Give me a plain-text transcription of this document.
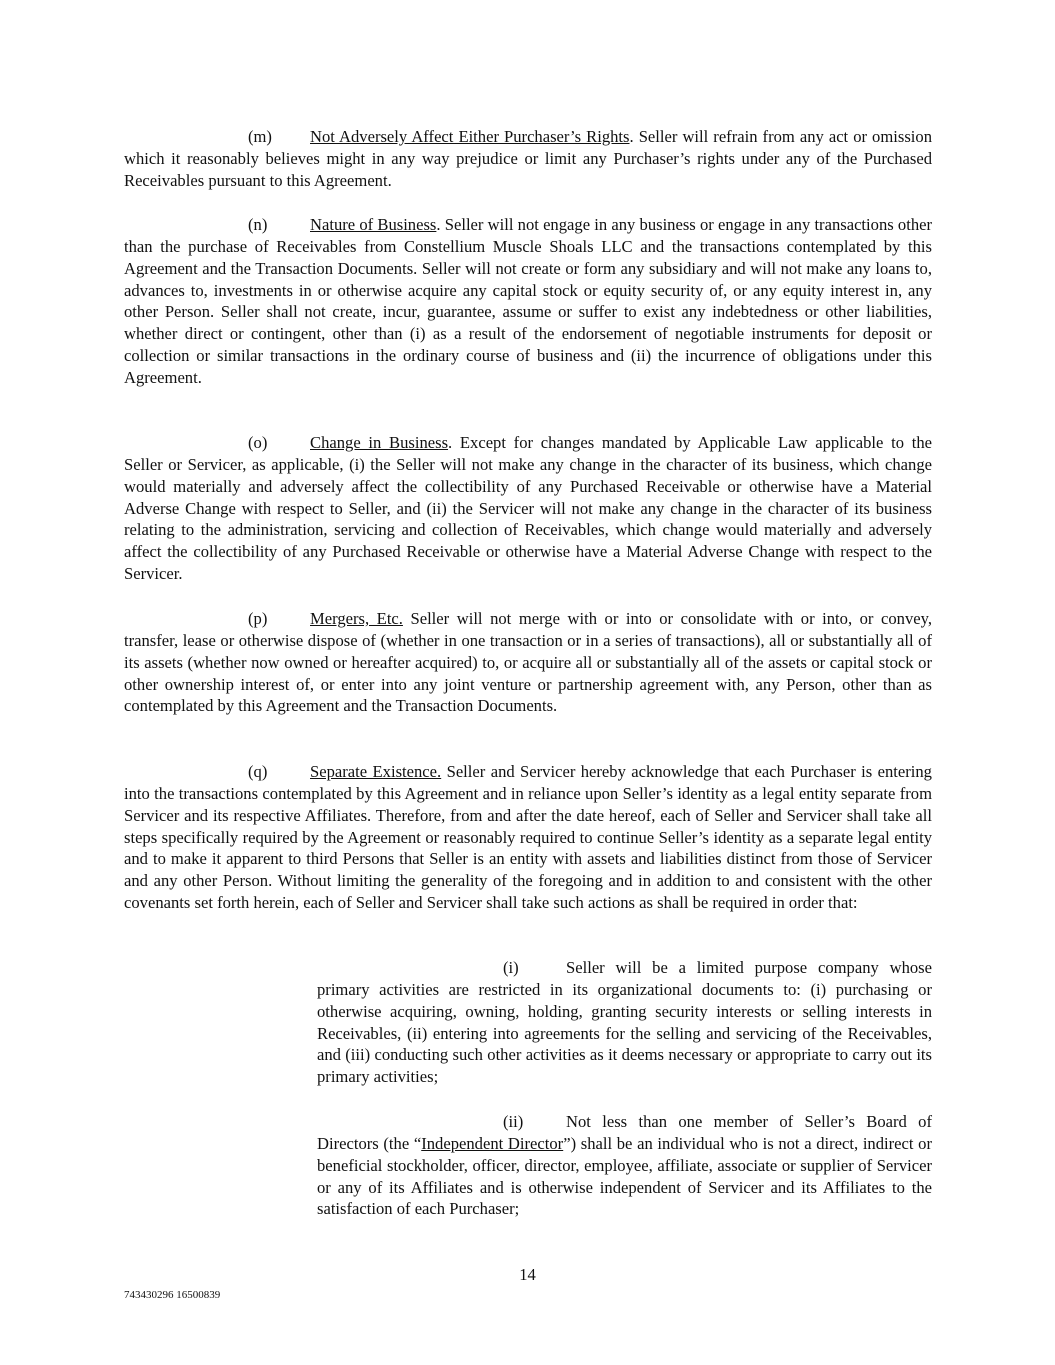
(m) Not Adversely Affect Either Purchaser’s Rights. Seller will refrain from any act or omission which it reasonably believes might in any way prejudice or limit any Purchaser’s rights under any of the Purchased Receivables pursuant to this Agreement.

(n)	Nature of Business. Seller will not engage in any business or engage in any transactions other than the purchase of Receivables from Constellium Muscle Shoals LLC and the transactions contemplated by this Agreement and the Transaction Documents. Seller will not create or form any subsidiary and will not make any loans to, advances to, investments in or otherwise acquire any capital stock or equity security of, or any equity interest in, any other Person. Seller shall not create, incur, guarantee, assume or suffer to exist any indebtedness or other liabilities, whether direct or contingent, other than (i) as a result of the endorsement of negotiable instruments for deposit or collection or similar transactions in the ordinary course of business and (ii) the incurrence of obligations under this Agreement.

(o)	Change in Business. Except for changes mandated by Applicable Law applicable to the Seller or Servicer, as applicable, (i) the Seller will not make any change in the character of its business, which change would materially and adversely affect the collectibility of any Purchased Receivable or otherwise have a Material Adverse Change with respect to Seller, and (ii) the Servicer will not make any change in the character of its business relating to the administration, servicing and collection of Receivables, which change would materially and adversely affect the collectibility of any Purchased Receivable or otherwise have a Material Adverse Change with respect to the Servicer.

(p)	Mergers, Etc. Seller will not merge with or into or consolidate with or into, or convey, transfer, lease or otherwise dispose of (whether in one transaction or in a series of transactions), all or substantially all of its assets (whether now owned or hereafter acquired) to, or acquire all or substantially all of the assets or capital stock or other ownership interest of, or enter into any joint venture or partnership agreement with, any Person, other than as contemplated by this Agreement and the Transaction Documents.

(q)	Separate Existence. Seller and Servicer hereby acknowledge that each Purchaser is entering into the transactions contemplated by this Agreement and in reliance upon Seller’s identity as a legal entity separate from Servicer and its respective Affiliates. Therefore, from and after the date hereof, each of Seller and Servicer shall take all steps specifically required by the Agreement or reasonably required to continue Seller’s identity as a separate legal entity and to make it apparent to third Persons that Seller is an entity with assets and liabilities distinct from those of Servicer and any other Person. Without limiting the generality of the foregoing and in addition to and consistent with the other covenants set forth herein, each of Seller and Servicer shall take such actions as shall be required in order that:

(i)	Seller will be a limited purpose company whose primary activities are restricted in its organizational documents to: (i) purchasing or otherwise acquiring, owning, holding, granting security interests or selling interests in Receivables, (ii) entering into agreements for the selling and servicing of the Receivables, and (iii) conducting such other activities as it deems necessary or appropriate to carry out its primary activities;

(ii)	Not less than one member of Seller’s Board of Directors (the “Independent Director”) shall be an individual who is not a direct, indirect or beneficial stockholder, officer, director, employee, affiliate, associate or supplier of Servicer or any of its Affiliates and is otherwise independent of Servicer and its Affiliates to the satisfaction of each Purchaser;

14
743430296 16500839
